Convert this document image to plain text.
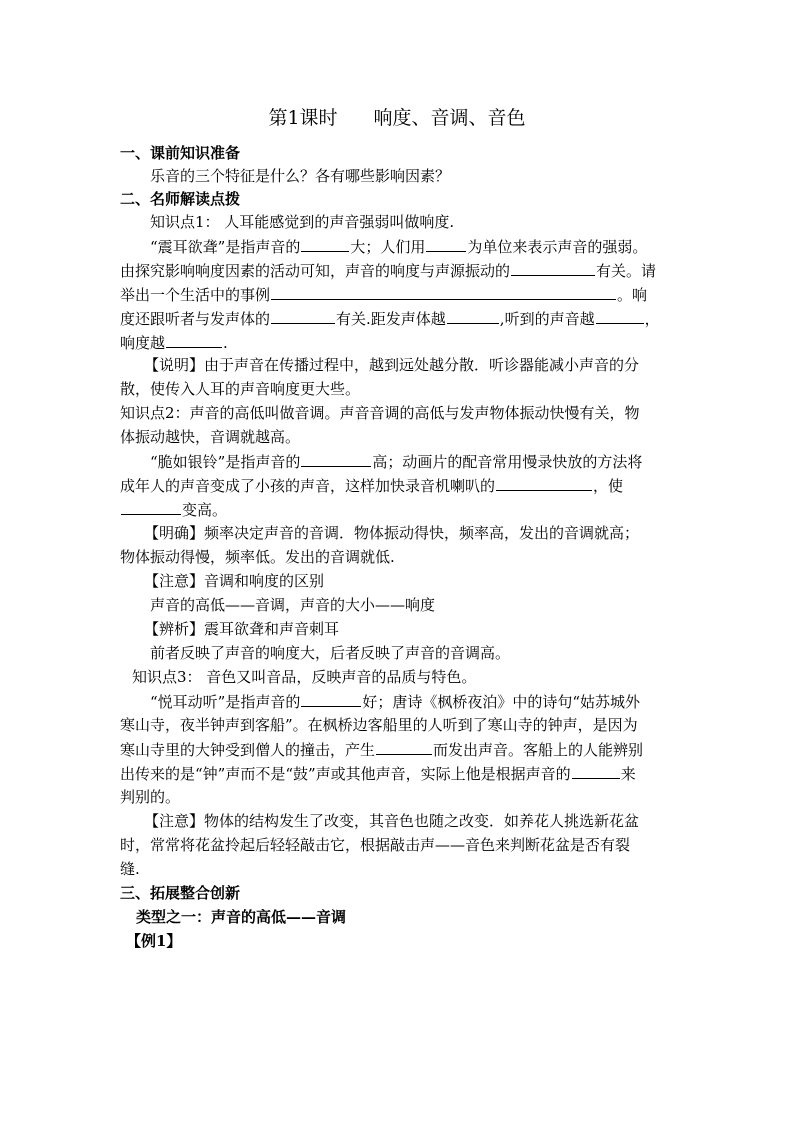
第1课时 响度、音调、音色
一、课前知识准备
乐音的三个特征是什么？各有哪些影响因素？
二、名师解读点拨
知识点1： 人耳能感觉到的声音强弱叫做响度.
“震耳欲聋”是指声音的	大；人们用	为单位来表示声音的强弱。
由探究影响响度因素的活动可知，声音的响度与声源振动的	有关。请
举出一个生活中的事例	。响
度还跟听者与发声体的	有关.距发声体越	,听到的声音越	，
响度越	.
【说明】由于声音在传播过程中，越到远处越分散．听诊器能减小声音的分
散，使传入人耳的声音响度更大些。
知识点2：声音的高低叫做音调。声音音调的高低与发声物体振动快慢有关，物
体振动越快，音调就越高。
“脆如银铃”是指声音的	高；动画片的配音常用慢录快放的方法将
成年人的声音变成了小孩的声音，这样加快录音机喇叭的	，使
变高。
【明确】频率决定声音的音调．物体振动得快，频率高，发出的音调就高；
物体振动得慢，频率低。发出的音调就低.
【注意】音调和响度的区别
声音的高低——音调，声音的大小——响度
【辨析】震耳欲聋和声音刺耳
前者反映了声音的响度大，后者反映了声音的音调高。
知识点3： 音色又叫音品，反映声音的品质与特色。
“悦耳动听”是指声音的	好；唐诗《枫桥夜泊》中的诗句“姑苏城外
寒山寺，夜半钟声到客船”。在枫桥边客船里的人听到了寒山寺的钟声，是因为
寒山寺里的大钟受到僧人的撞击，产生	而发出声音。客船上的人能辨别
出传来的是“钟”声而不是“鼓”声或其他声音，实际上他是根据声音的	来
判别的。
【注意】物体的结构发生了改变，其音色也随之改变．如养花人挑选新花盆
时，常常将花盆拎起后轻轻敲击它，根据敲击声——音色来判断花盆是否有裂
缝.
三、拓展整合创新
类型之一：声音的高低——音调
【例1】
